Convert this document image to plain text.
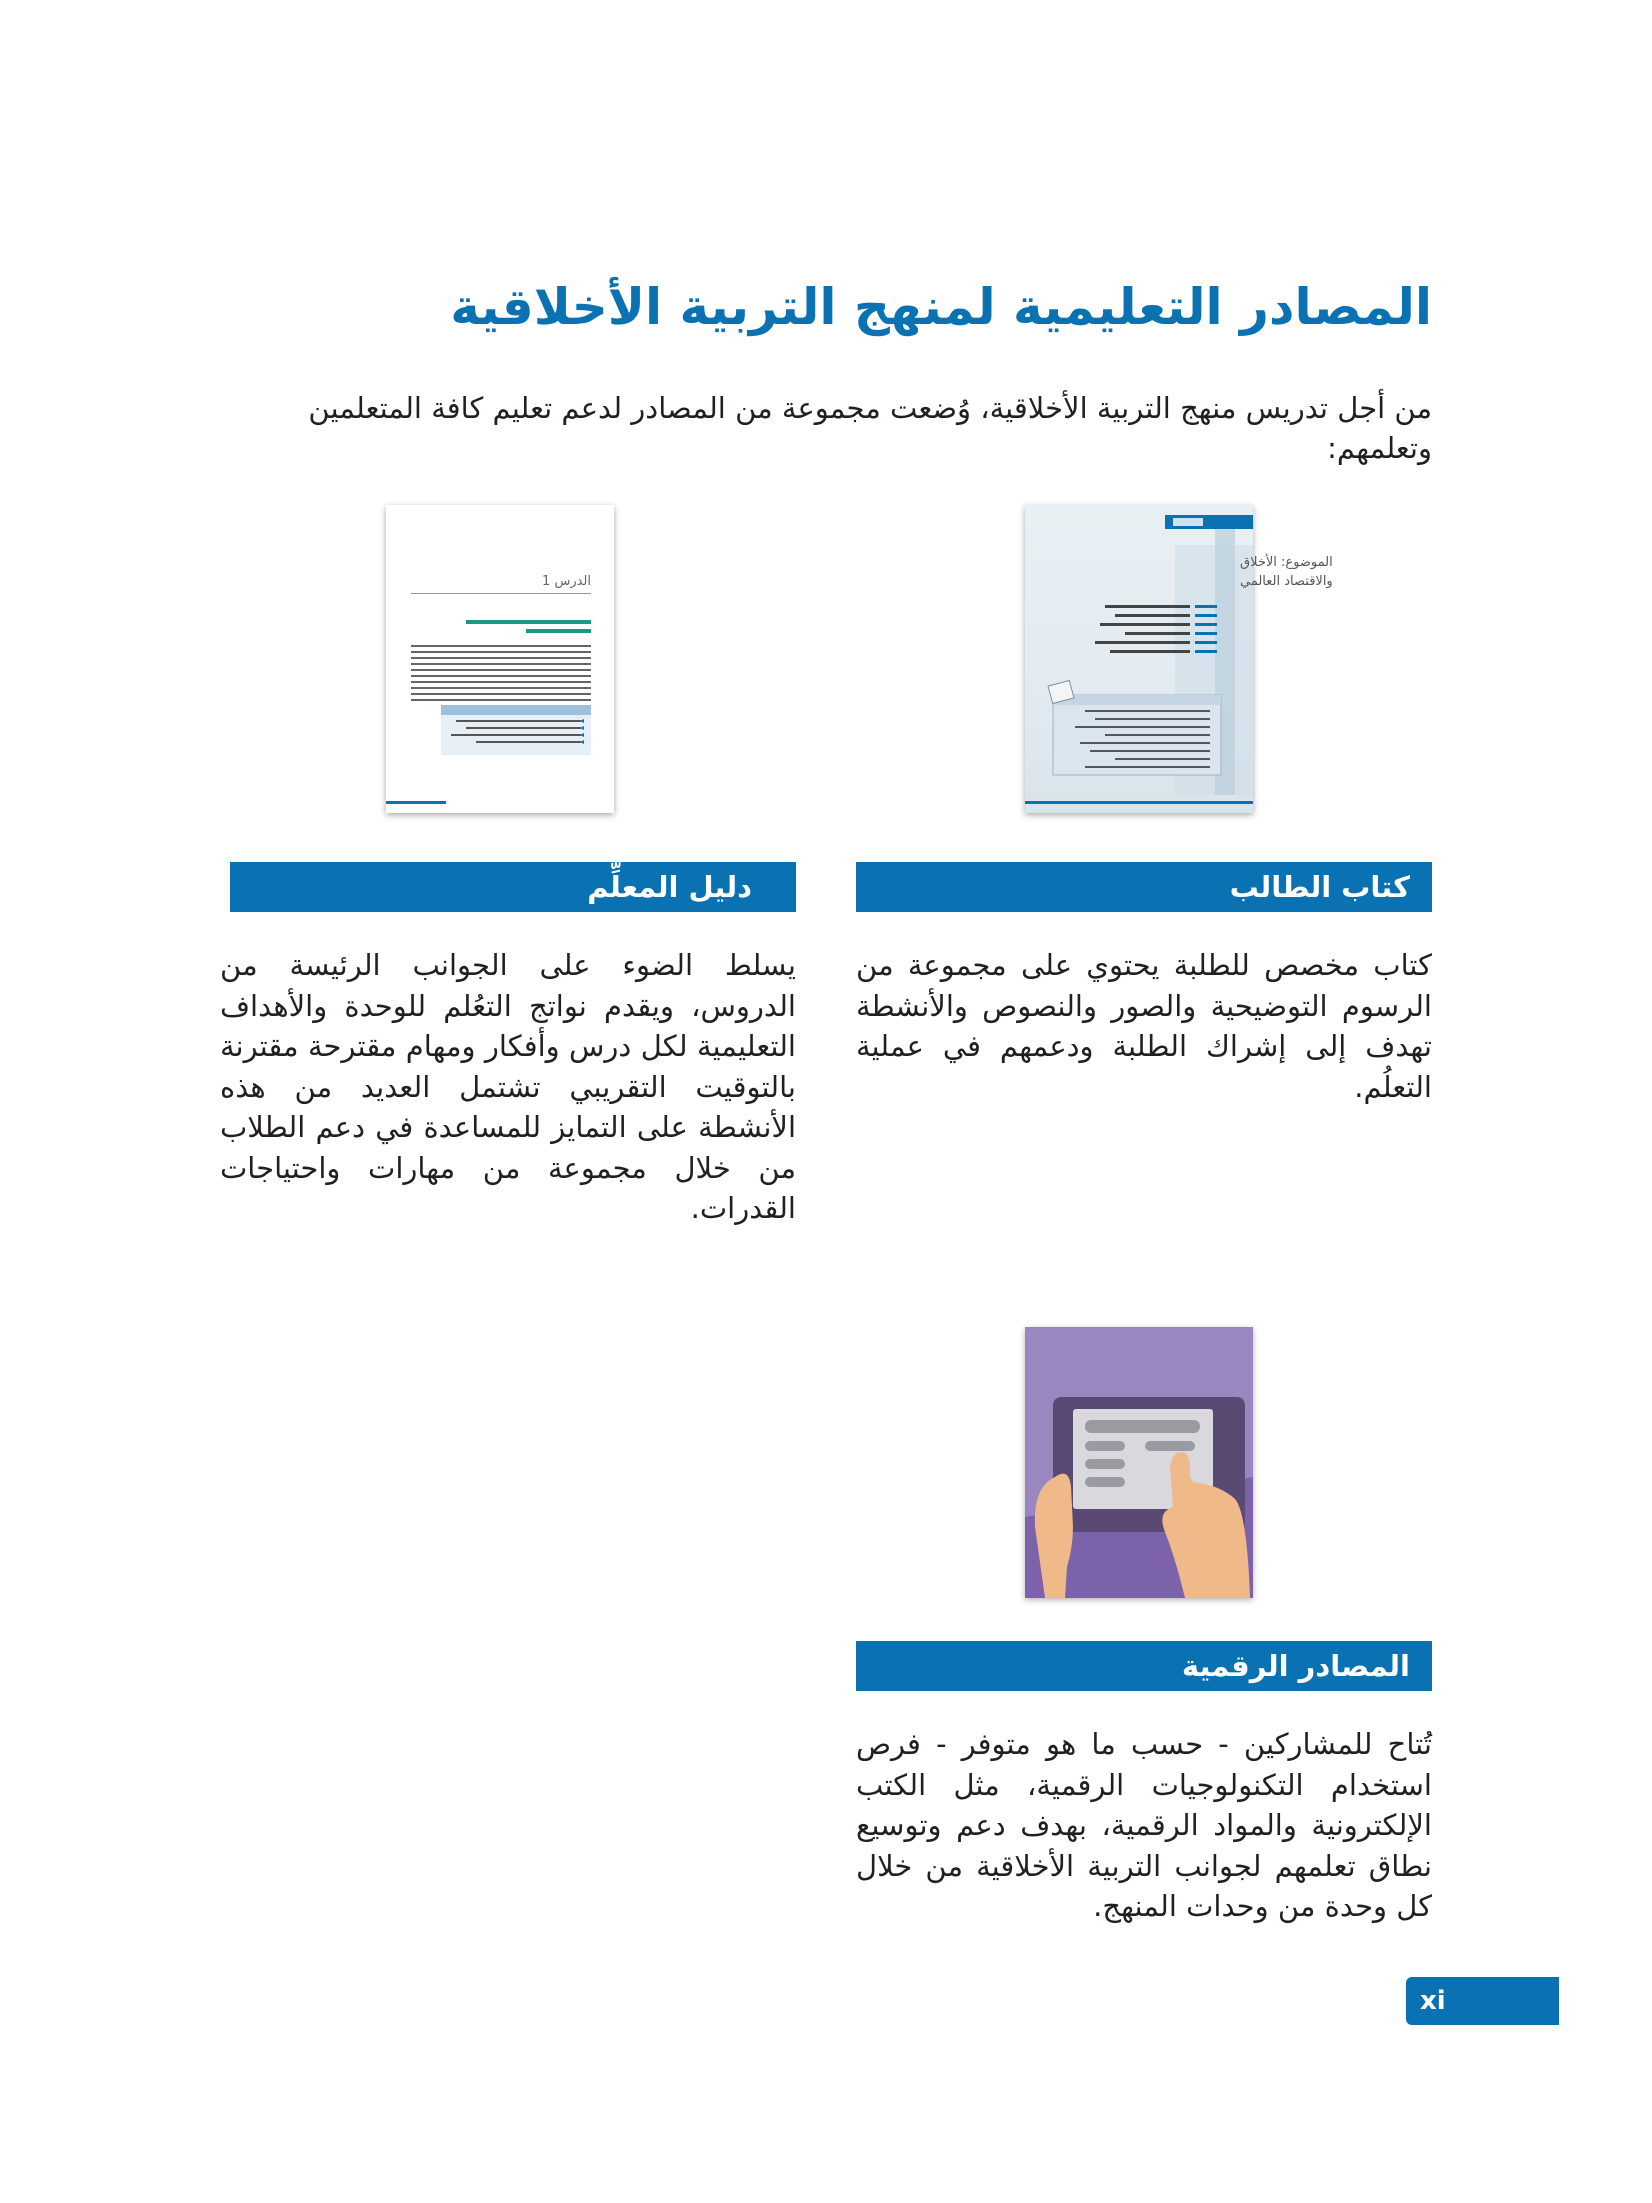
المصادر التعليمية لمنهج التربية الأخلاقية

من أجل تدريس منهج التربية الأخلاقية، وُضعت مجموعة من المصادر لدعم تعليم كافة المتعلمين وتعلمهم:

الموضوع: الأخلاق
والاقتصاد العالمي
الدرس 1
كتاب الطالب
دليل المعلِّم

كتاب مخصص للطلبة يحتوي على مجموعة من الرسوم التوضيحية والصور والنصوص والأنشطة تهدف إلى إشراك الطلبة ودعمهم في عملية التعلُم.

يسلط الضوء على الجوانب الرئيسة من الدروس، ويقدم نواتج التعُلم للوحدة والأهداف التعليمية لكل درس وأفكار ومهام مقترحة مقترنة بالتوقيت التقريبي تشتمل العديد من هذه الأنشطة على التمايز للمساعدة في دعم الطلاب من خلال مجموعة من مهارات واحتياجات القدرات.

المصادر الرقمية

تُتاح للمشاركين - حسب ما هو متوفر - فرص استخدام التكنولوجيات الرقمية، مثل الكتب الإلكترونية والمواد الرقمية، بهدف دعم وتوسيع نطاق تعلمهم لجوانب التربية الأخلاقية من خلال كل وحدة من وحدات المنهج.

xi
